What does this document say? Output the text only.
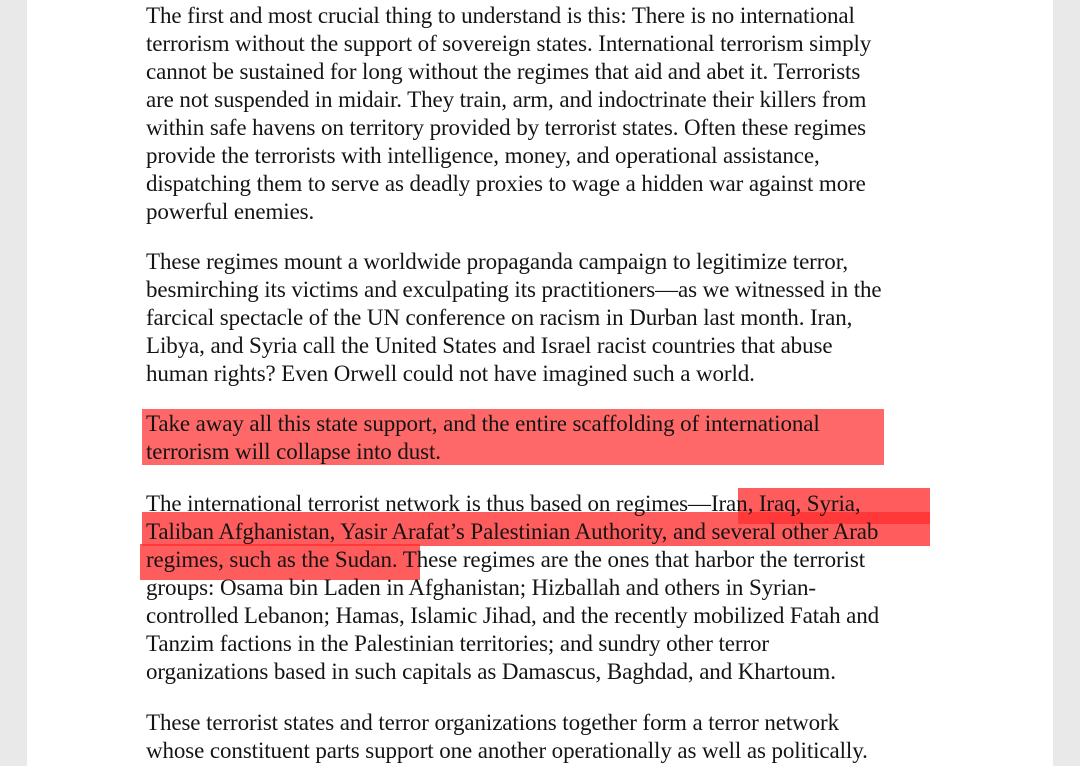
The first and most crucial thing to understand is this: There is no international
terrorism without the support of sovereign states. International terrorism simply
cannot be sustained for long without the regimes that aid and abet it. Terrorists
are not suspended in midair. They train, arm, and indoctrinate their killers from
within safe havens on territory provided by terrorist states. Often these regimes
provide the terrorists with intelligence, money, and operational assistance,
dispatching them to serve as deadly proxies to wage a hidden war against more
powerful enemies.
These regimes mount a worldwide propaganda campaign to legitimize terror,
besmirching its victims and exculpating its practitioners—as we witnessed in the
farcical spectacle of the UN conference on racism in Durban last month. Iran,
Libya, and Syria call the United States and Israel racist countries that abuse
human rights? Even Orwell could not have imagined such a world.
Take away all this state support, and the entire scaffolding of international
terrorism will collapse into dust.
The international terrorist network is thus based on regimes—Iran, Iraq, Syria,
Taliban Afghanistan, Yasir Arafat’s Palestinian Authority, and several other Arab
regimes, such as the Sudan. These regimes are the ones that harbor the terrorist
groups: Osama bin Laden in Afghanistan; Hizballah and others in Syrian-
controlled Lebanon; Hamas, Islamic Jihad, and the recently mobilized Fatah and
Tanzim factions in the Palestinian territories; and sundry other terror
organizations based in such capitals as Damascus, Baghdad, and Khartoum.
These terrorist states and terror organizations together form a terror network
whose constituent parts support one another operationally as well as politically.
